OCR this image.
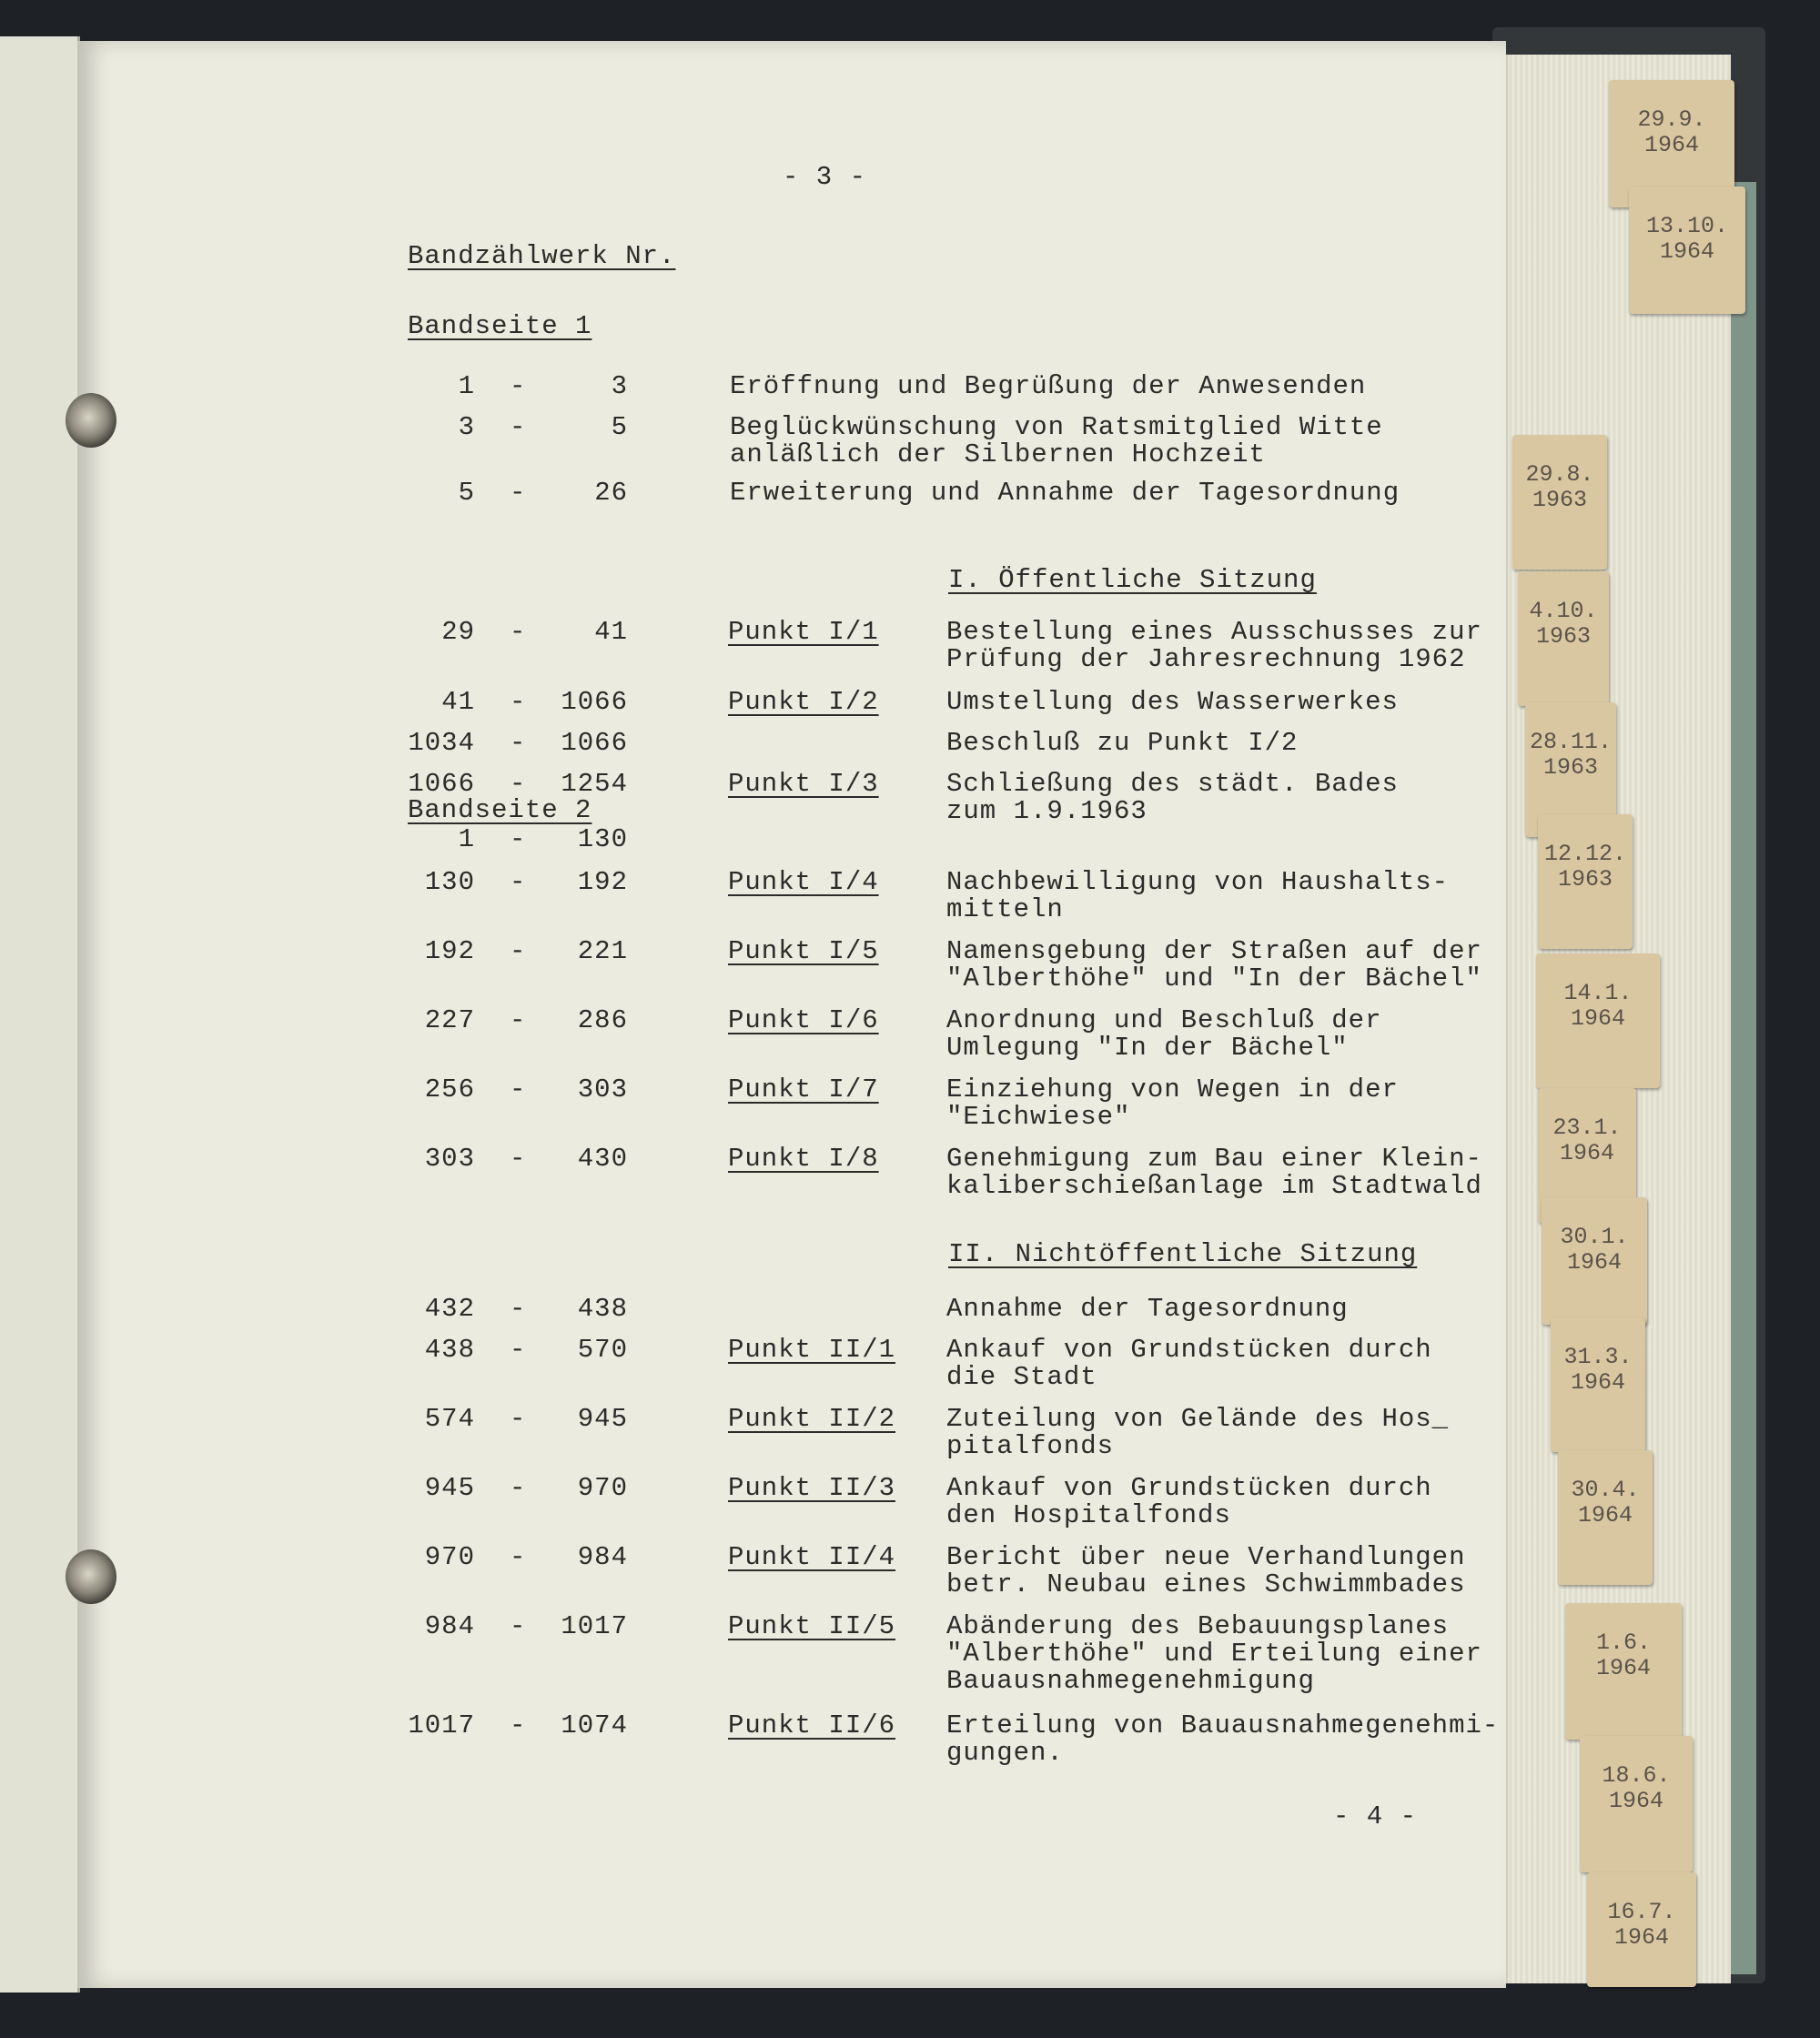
- 3 -
Bandzählwerk Nr.
Bandseite 1
I. Öffentliche Sitzung
Bandseite 2
II. Nichtöffentliche Sitzung
- 4 -
1 -	3	Eröffnung und Begrüßung der Anwesenden
3 -	5	Beglückwünschung von Ratsmitglied Witte
anläßlich der Silbernen Hochzeit
5 -	26	Erweiterung und Annahme der Tagesordnung
29 -	41	Punkt I/1	Bestellung eines Ausschusses zur
Prüfung der Jahresrechnung 1962
41 -	1066	Punkt I/2	Umstellung des Wasserwerkes
1034 -	1066	Beschluß zu Punkt I/2
1066 -	1254	Punkt I/3	Schließung des städt. Bades
zum 1.9.1963
1 -	130
130 -	192	Punkt I/4	Nachbewilligung von Haushalts-
mitteln
192 -	221	Punkt I/5	Namensgebung der Straßen auf der
"Alberthöhe" und "In der Bächel"
227 -	286	Punkt I/6	Anordnung und Beschluß der
Umlegung "In der Bächel"
256 -	303	Punkt I/7	Einziehung von Wegen in der
"Eichwiese"
303 -	430	Punkt I/8	Genehmigung zum Bau einer Klein-
kaliberschießanlage im Stadtwald
432 -	438	Annahme der Tagesordnung
438 -	570	Punkt II/1 Ankauf von Grundstücken durch
die Stadt
574 -	945	Punkt II/2 Zuteilung von Gelände des Hos_
pitalfonds
945 -	970	Punkt II/3 Ankauf von Grundstücken durch
den Hospitalfonds
970 -	984	Punkt II/4 Bericht über neue Verhandlungen
betr. Neubau eines Schwimmbades
984 -	1017	Punkt II/5 Abänderung des Bebauungsplanes
"Alberthöhe" und Erteilung einer
Bauausnahmegenehmigung
1017 -	1074	Punkt II/6 Erteilung von Bauausnahmegenehmi-
gungen.
29.9.
1964
13.10.
1964
29.8.
1963
4.10.
1963
28.11.
1963
12.12.
1963
14.1.
1964
23.1.
1964
30.1.
1964
31.3.
1964
30.4.
1964
1.6.
1964
18.6.
1964
16.7.
1964
